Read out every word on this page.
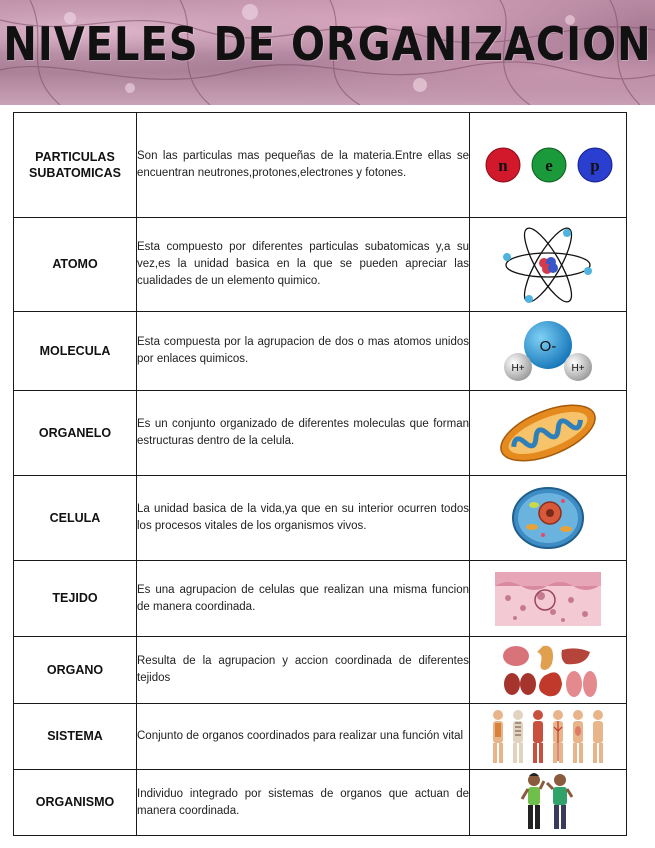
NIVELES DE ORGANIZACION
PARTICULAS
SUBATOMICAS	Son las particulas mas pequeñas de la materia.Entre ellas se encuentran neutrones,protones,electrones y fotones.	n e p

ATOMO	Esta compuesto por diferentes particulas subatomicas y,a su vez,es la unidad basica en la que se pueden apreciar las cualidades de un elemento quimico.	

MOLECULA	Esta compuesta por la agrupacion de dos o mas atomos unidos por enlaces quimicos.	O-
H+ H+

ORGANELO	Es un conjunto organizado de diferentes moleculas que forman estructuras dentro de la celula.	

CELULA	La unidad basica de la vida,ya que en su interior ocurren todos los procesos vitales de los organismos vivos.	

TEJIDO	Es una agrupacion de celulas que realizan una misma funcion de manera coordinada.	

ORGANO	Resulta de la agrupacion y accion coordinada de diferentes tejidos	

SISTEMA	Conjunto de organos coordinados para realizar una función vital	

ORGANISMO	Individuo integrado por sistemas de organos que actuan de manera coordinada.	
